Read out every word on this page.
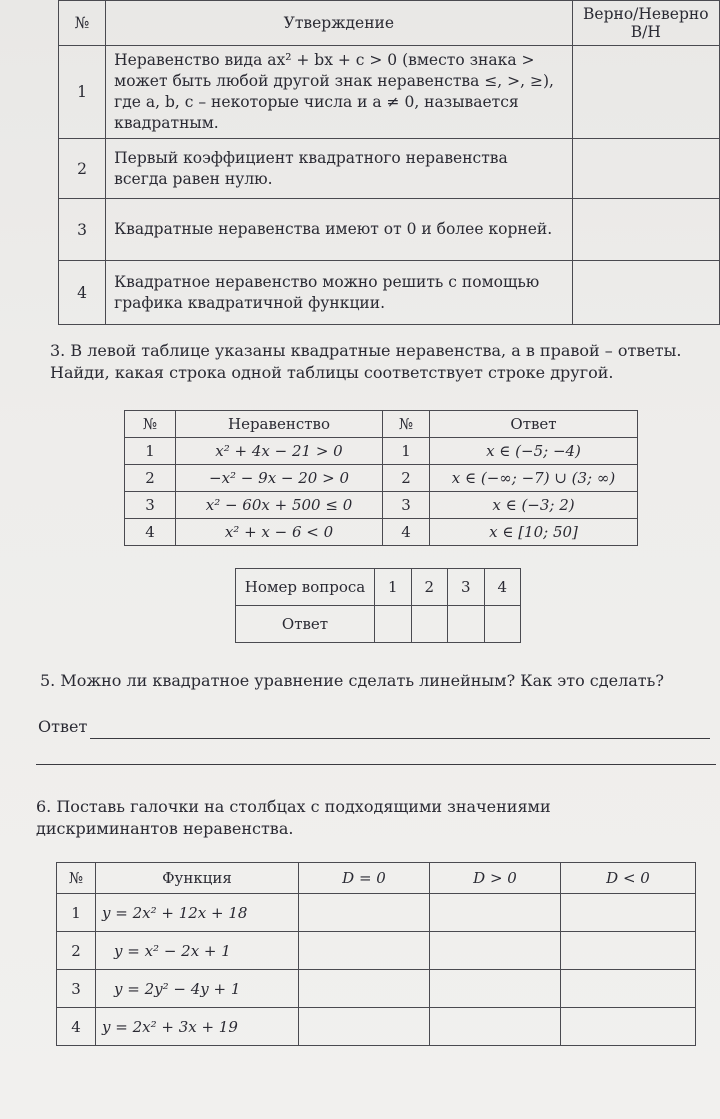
№	Утверждение	Верно/Неверно В/Н
1	Неравенство вида ax² + bx + c > 0 (вместо знака > может быть любой другой знак неравенства ≤, >, ≥), где a, b, c – некоторые числа и a ≠ 0, называется квадратным.	
2	Первый коэффициент квадратного неравенства всегда равен нулю.	
3	Квадратные неравенства имеют от 0 и более корней.	
4	Квадратное неравенство можно решить с помощью графика квадратичной функции.	
3. В левой таблице указаны квадратные неравенства, а в правой – ответы. Найди, какая строка одной таблицы соответствует строке другой.
№	Неравенство	№	Ответ
1	x² + 4x − 21 > 0	1	x ∈ (−5; −4)
2	−x² − 9x − 20 > 0	2	x ∈ (−∞; −7) ∪ (3; ∞)
3	x² − 60x + 500 ≤ 0	3	x ∈ (−3; 2)
4	x² + x − 6 < 0	4	x ∈ [10; 50]
Номер вопроса	1	2	3	4
Ответ				
5. Можно ли квадратное уравнение сделать линейным? Как это сделать?
Ответ
6. Поставь галочки на столбцах с подходящими значениями дискриминантов неравенства.
№	Функция	D = 0	D > 0	D < 0
1	y = 2x² + 12x + 18			
2	y = x² − 2x + 1			
3	y = 2y² − 4y + 1			
4	y = 2x² + 3x + 19			
